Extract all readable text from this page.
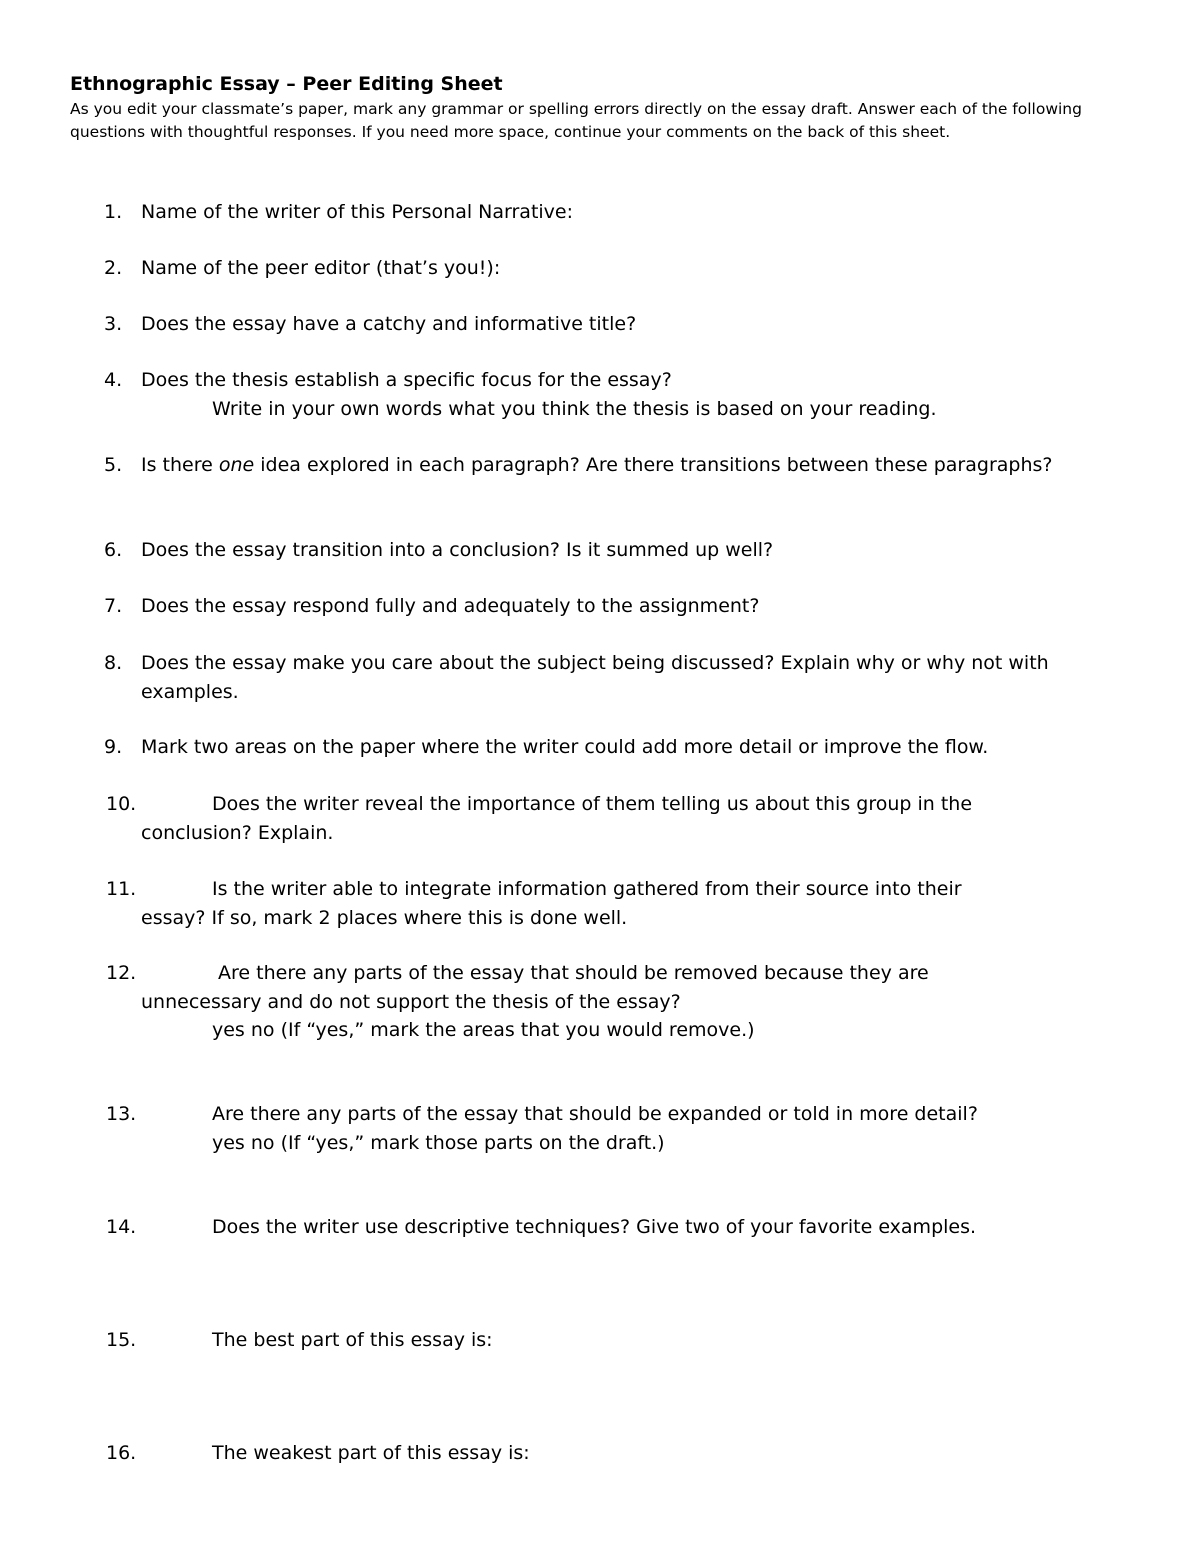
Ethnographic Essay – Peer Editing Sheet

As you edit your classmate’s paper, mark any grammar or spelling errors directly on the essay draft. Answer each of the following questions with thoughtful responses. If you need more space, continue your comments on the back of this sheet.

1. Name of the writer of this Personal Narrative:
2. Name of the peer editor (that’s you!):
3. Does the essay have a catchy and informative title?
4. Does the thesis establish a specific focus for the essay?
Write in your own words what you think the thesis is based on your reading.
5. Is there one idea explored in each paragraph? Are there transitions between these paragraphs?
6. Does the essay transition into a conclusion? Is it summed up well?
7. Does the essay respond fully and adequately to the assignment?
8. Does the essay make you care about the subject being discussed? Explain why or why not with examples.
9. Mark two areas on the paper where the writer could add more detail or improve the flow.
10.	Does the writer reveal the importance of them telling us about this group in the
conclusion? Explain.
11.	Is the writer able to integrate information gathered from their source into their
essay? If so, mark 2 places where this is done well.
12.	Are there any parts of the essay that should be removed because they are
unnecessary and do not support the thesis of the essay?
yes no (If “yes,” mark the areas that you would remove.)
13.	Are there any parts of the essay that should be expanded or told in more detail?
yes no (If “yes,” mark those parts on the draft.)
14.	Does the writer use descriptive techniques? Give two of your favorite examples.
15.	The best part of this essay is:
16.	The weakest part of this essay is:
